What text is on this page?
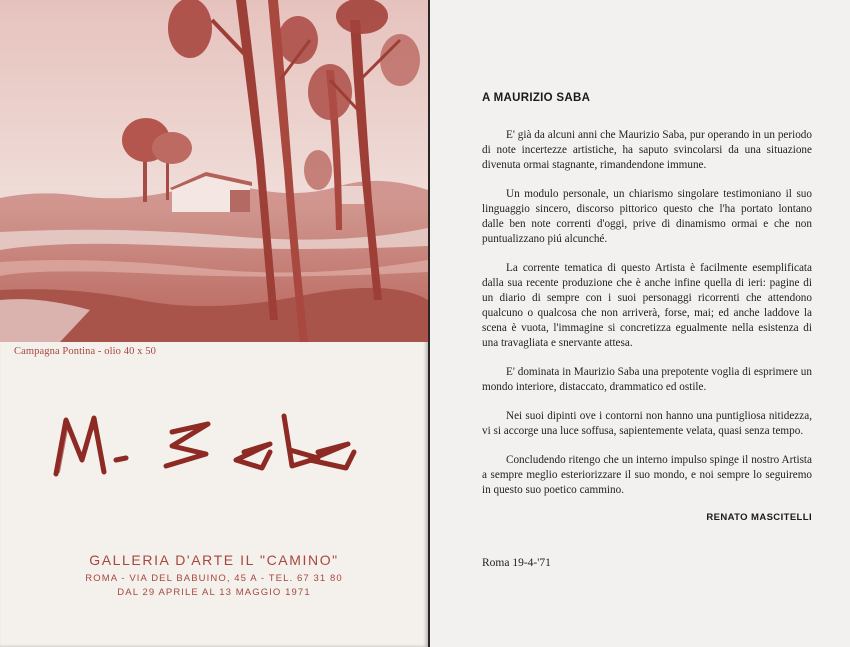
Campagna Pontina - olio 40 x 50
GALLERIA D'ARTE IL "CAMINO"
ROMA - VIA DEL BABUINO, 45 A - TEL. 67 31 80
DAL 29 APRILE AL 13 MAGGIO 1971
A MAURIZIO SABA

E' già da alcuni anni che Maurizio Saba, pur operando in un periodo di note incertezze artistiche, ha saputo svincolarsi da una situazione divenuta ormai stagnante, rimandendone immune.

Un modulo personale, un chiarismo singolare testimoniano il suo linguaggio sincero, discorso pittorico questo che l'ha portato lontano dalle ben note correnti d'oggi, prive di dinamismo ormai e che non puntualizzano piú alcunché.

La corrente tematica di questo Artista è facilmente esemplificata dalla sua recente produzione che è anche infine quella di ieri: pagine di un diario di sempre con i suoi personaggi ricorrenti che attendono qualcuno o qualcosa che non arriverà, forse, mai; ed anche laddove la scena è vuota, l'immagine si concretizza egualmente nella esistenza di una travagliata e snervante attesa.

E' dominata in Maurizio Saba una prepotente voglia di esprimere un mondo interiore, distaccato, drammatico ed ostile.

Nei suoi dipinti ove i contorni non hanno una puntigliosa nitidezza, vi si accorge una luce soffusa, sapientemente velata, quasi senza tempo.

Concludendo ritengo che un interno impulso spinge il nostro Artista a sempre meglio esteriorizzare il suo mondo, e noi sempre lo seguiremo in questo suo poetico cammino.

RENATO MASCITELLI
Roma 19-4-'71
